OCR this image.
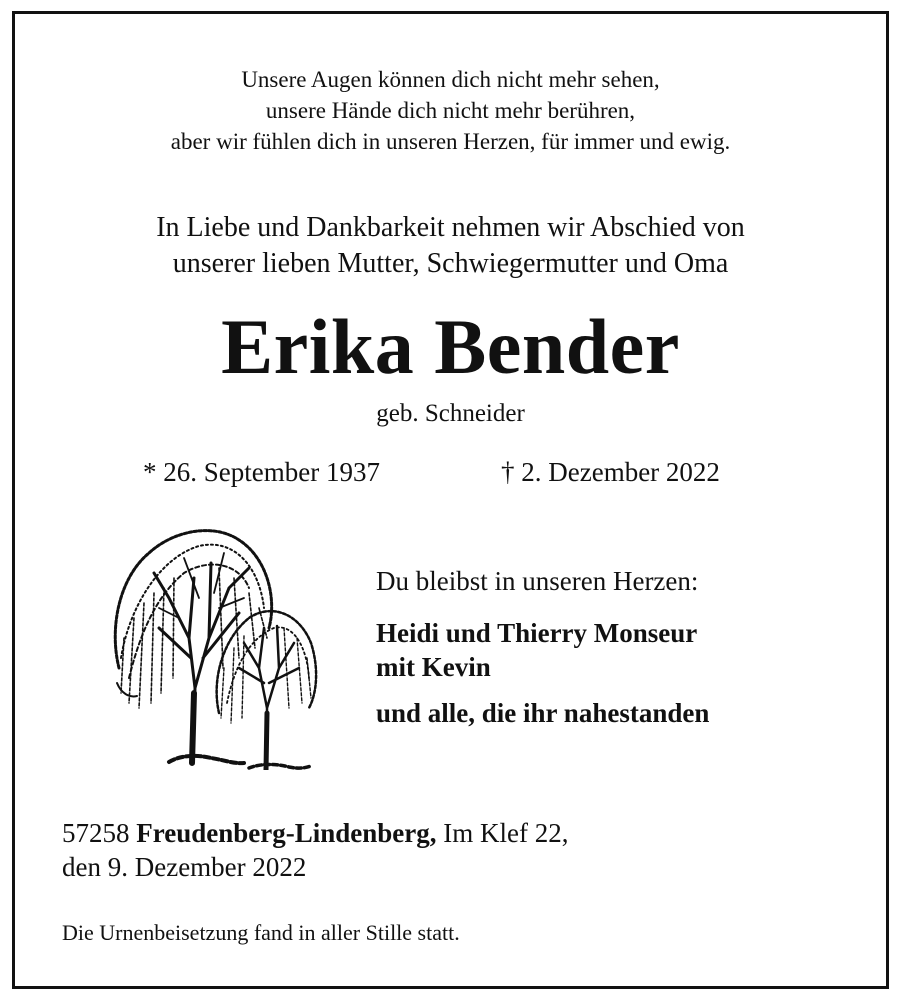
Unsere Augen können dich nicht mehr sehen,
unsere Hände dich nicht mehr berühren,
aber wir fühlen dich in unseren Herzen, für immer und ewig.
In Liebe und Dankbarkeit nehmen wir Abschied von
unserer lieben Mutter, Schwiegermutter und Oma
Erika Bender
geb. Schneider
* 26. September 1937	† 2. Dezember 2022
Du bleibst in unseren Herzen:
Heidi und Thierry Monseur
mit Kevin
und alle, die ihr nahestanden
57258 Freudenberg-Lindenberg, Im Klef 22,
den 9. Dezember 2022
Die Urnenbeisetzung fand in aller Stille statt.
